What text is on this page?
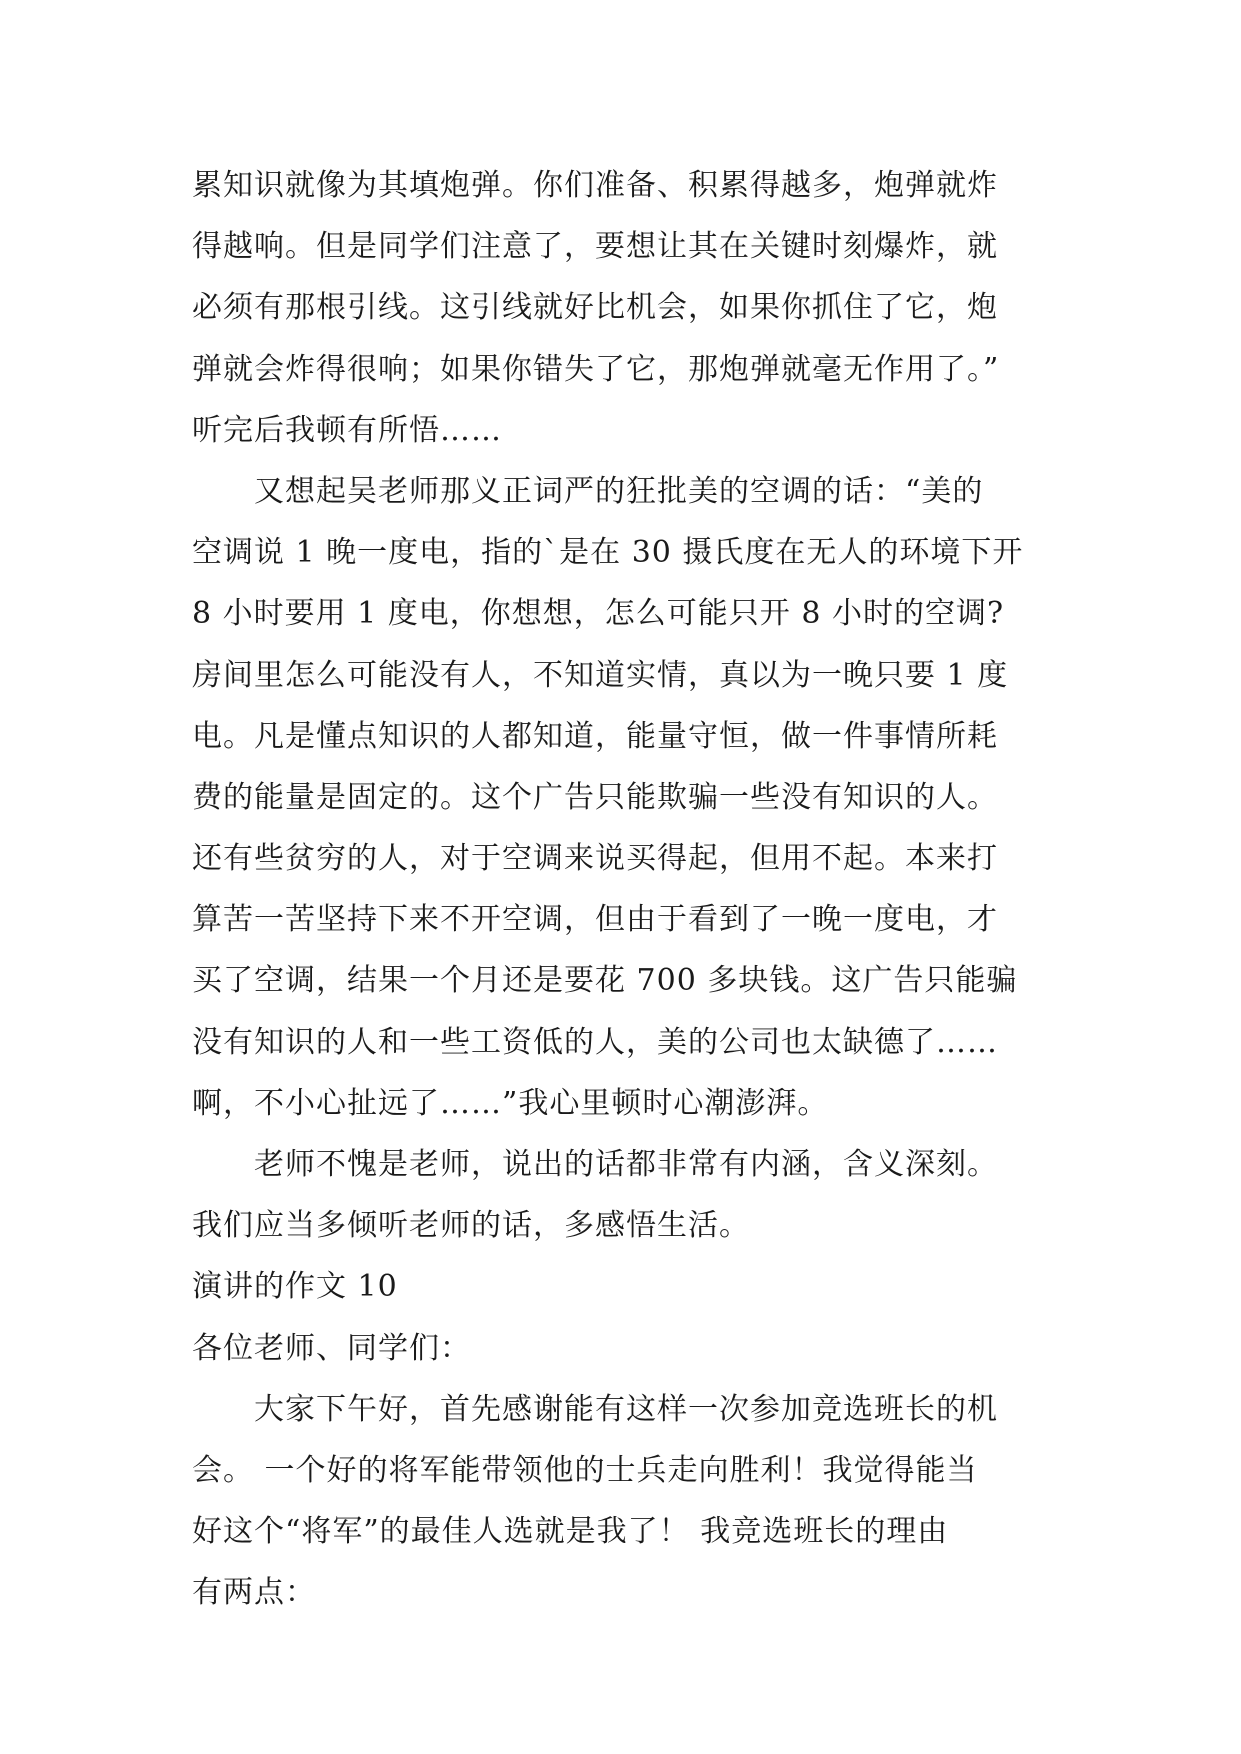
累知识就像为其填炮弹。你们准备、积累得越多，炮弹就炸
得越响。但是同学们注意了，要想让其在关键时刻爆炸，就
必须有那根引线。这引线就好比机会，如果你抓住了它，炮
弹就会炸得很响；如果你错失了它，那炮弹就毫无作用了。”
听完后我顿有所悟……
　　又想起吴老师那义正词严的狂批美的空调的话：“美的
空调说 1 晚一度电，指的`是在 30 摄氏度在无人的环境下开
8 小时要用 1 度电，你想想，怎么可能只开 8 小时的空调?
房间里怎么可能没有人，不知道实情，真以为一晚只要 1 度
电。凡是懂点知识的人都知道，能量守恒，做一件事情所耗
费的能量是固定的。这个广告只能欺骗一些没有知识的人。
还有些贫穷的人，对于空调来说买得起，但用不起。本来打
算苦一苦坚持下来不开空调，但由于看到了一晚一度电，才
买了空调，结果一个月还是要花 700 多块钱。这广告只能骗
没有知识的人和一些工资低的人，美的公司也太缺德了……
啊，不小心扯远了……”我心里顿时心潮澎湃。
　　老师不愧是老师，说出的话都非常有内涵，含义深刻。
我们应当多倾听老师的话，多感悟生活。
演讲的作文 10
各位老师、同学们：
　　大家下午好，首先感谢能有这样一次参加竞选班长的机
会。 一个好的将军能带领他的士兵走向胜利！我觉得能当
好这个“将军”的最佳人选就是我了！ 我竞选班长的理由
有两点：
